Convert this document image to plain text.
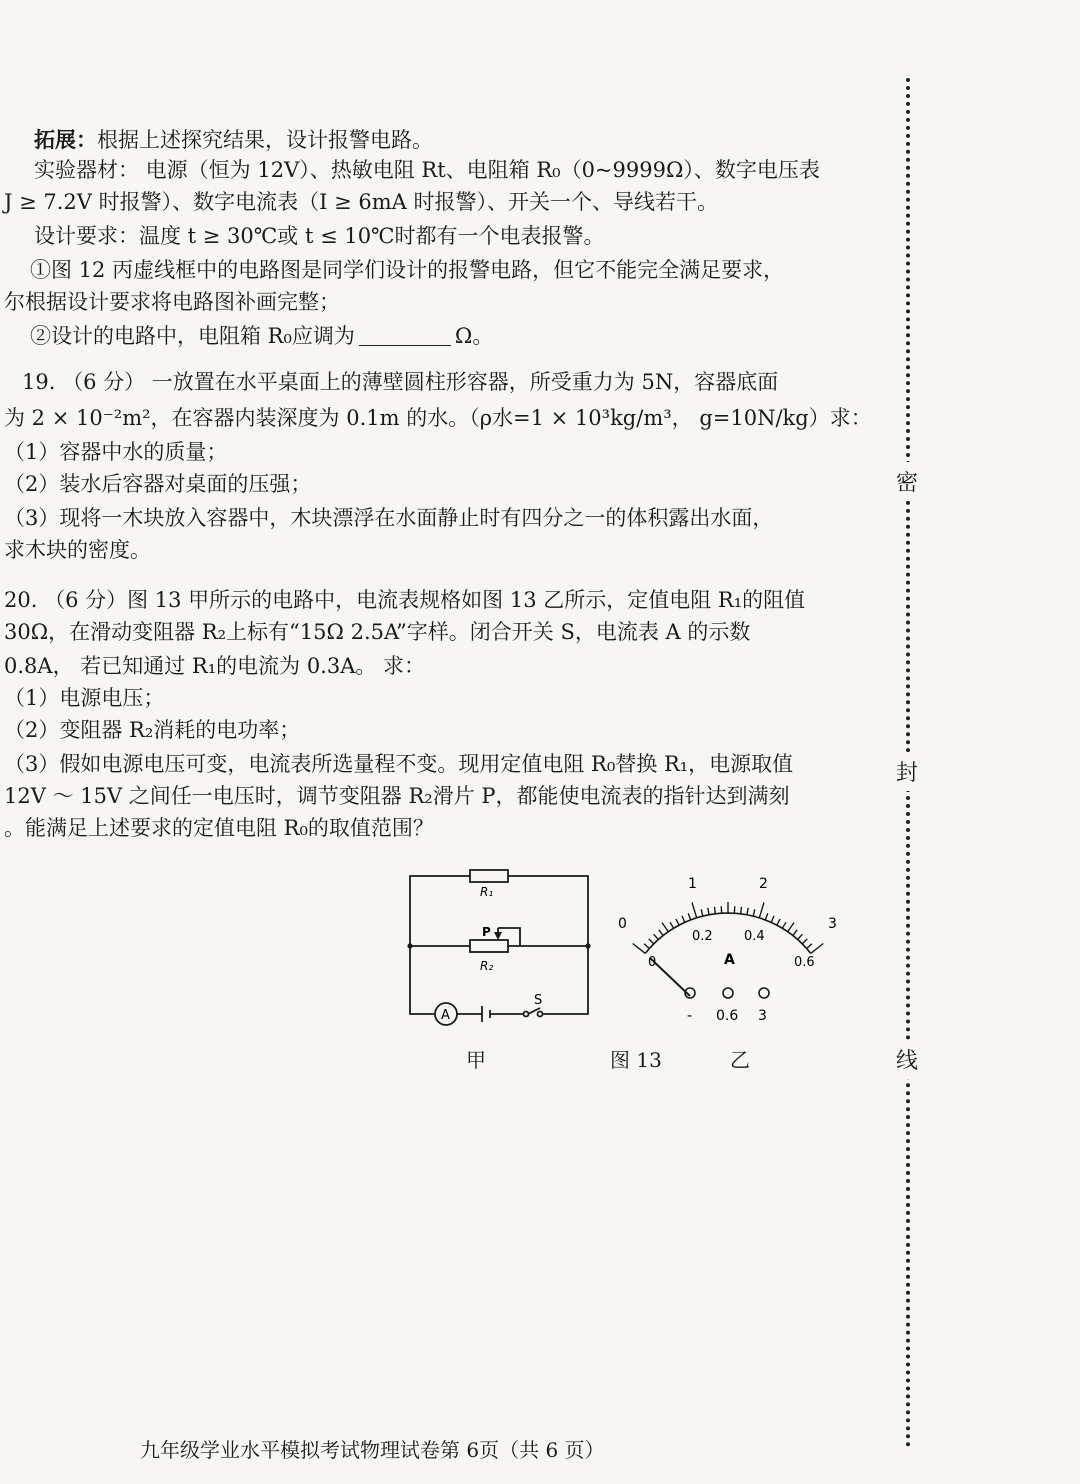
拓展：根据上述探究结果，设计报警电路。
实验器材： 电源（恒为 12V）、热敏电阻 Rt、电阻箱 R₀（0~9999Ω）、数字电压表
J ≥ 7.2V 时报警）、数字电流表（I ≥ 6mA 时报警）、开关一个、导线若干。
设计要求：温度 t ≥ 30℃或 t ≤ 10℃时都有一个电表报警。
①图 12 丙虚线框中的电路图是同学们设计的报警电路，但它不能完全满足要求，
尔根据设计要求将电路图补画完整；
②设计的电路中，电阻箱 R₀应调为	Ω。
19. （6 分） 一放置在水平桌面上的薄壁圆柱形容器，所受重力为 5N，容器底面
为 2 × 10⁻²m²，在容器内装深度为 0.1m 的水。（ρ水=1 × 10³kg/m³， g=10N/kg）求：
（1）容器中水的质量；
（2）装水后容器对桌面的压强；
（3）现将一木块放入容器中，木块漂浮在水面静止时有四分之一的体积露出水面，
求木块的密度。
20. （6 分）图 13 甲所示的电路中，电流表规格如图 13 乙所示，定值电阻 R₁的阻值
30Ω，在滑动变阻器 R₂上标有“15Ω 2.5A”字样。闭合开关 S，电流表 A 的示数
0.8A， 若已知通过 R₁的电流为 0.3A。 求：
（1）电源电压；
（2）变阻器 R₂消耗的电功率；
（3）假如电源电压可变，电流表所选量程不变。现用定值电阻 R₀替换 R₁，电源取值
12V ～ 15V 之间任一电压时，调节变阻器 R₂滑片 P，都能使电流表的指针达到满刻
。能满足上述要求的定值电阻 R₀的取值范围？
R₁
P
R₂
A
S
0
1	2
3
0
0.2 0.4
0.6
A
- 0.6 3
甲	图 13	乙
密
封
线
九年级学业水平模拟考试物理试卷第 6页（共 6 页）
